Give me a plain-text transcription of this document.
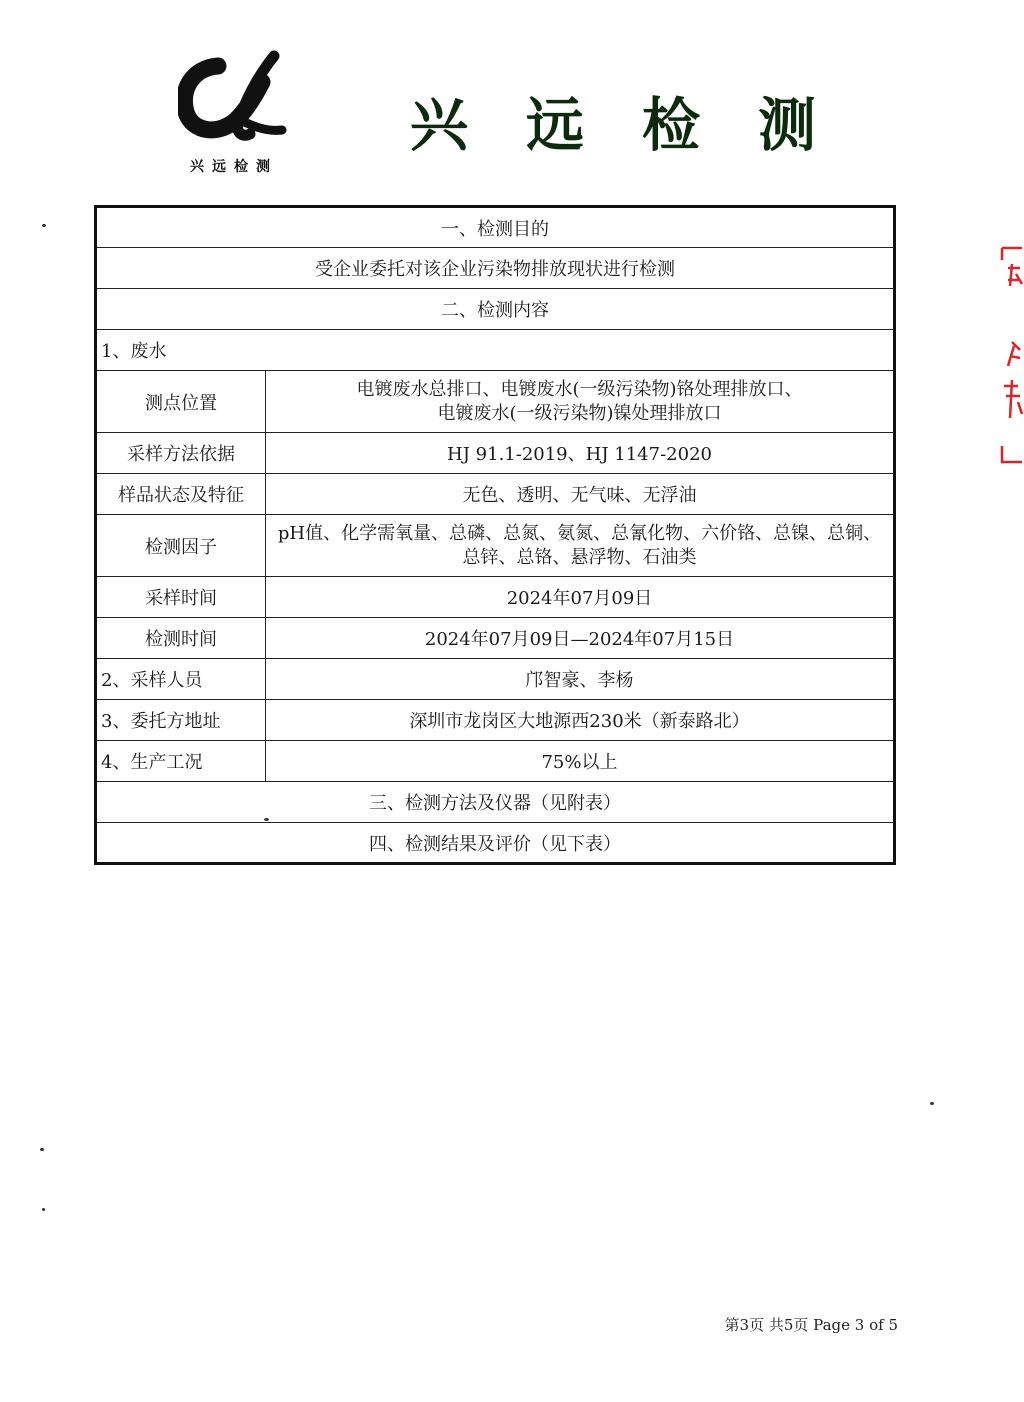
兴远检测
兴远检测
一、检测目的	
受企业委托对该企业污染物排放现状进行检测	
二、检测内容	
1、废水	
测点位置	电镀废水总排口、电镀废水(一级污染物)铬处理排放口、
电镀废水(一级污染物)镍处理排放口

采样方法依据	HJ 91.1-2019、HJ 1147-2020
样品状态及特征	无色、透明、无气味、无浮油
检测因子	pH值、化学需氧量、总磷、总氮、氨氮、总氰化物、六价铬、总镍、总铜、总锌、总铬、悬浮物、石油类
采样时间	2024年07月09日
检测时间	2024年07月09日—2024年07月15日
2、采样人员	邝智豪、李杨
3、委托方地址	深圳市龙岗区大地源西230米（新泰路北）
4、生产工况	75%以上
三、检测方法及仪器（见附表）	
四、检测结果及评价（见下表）	
第3页 共5页 Page 3 of 5
